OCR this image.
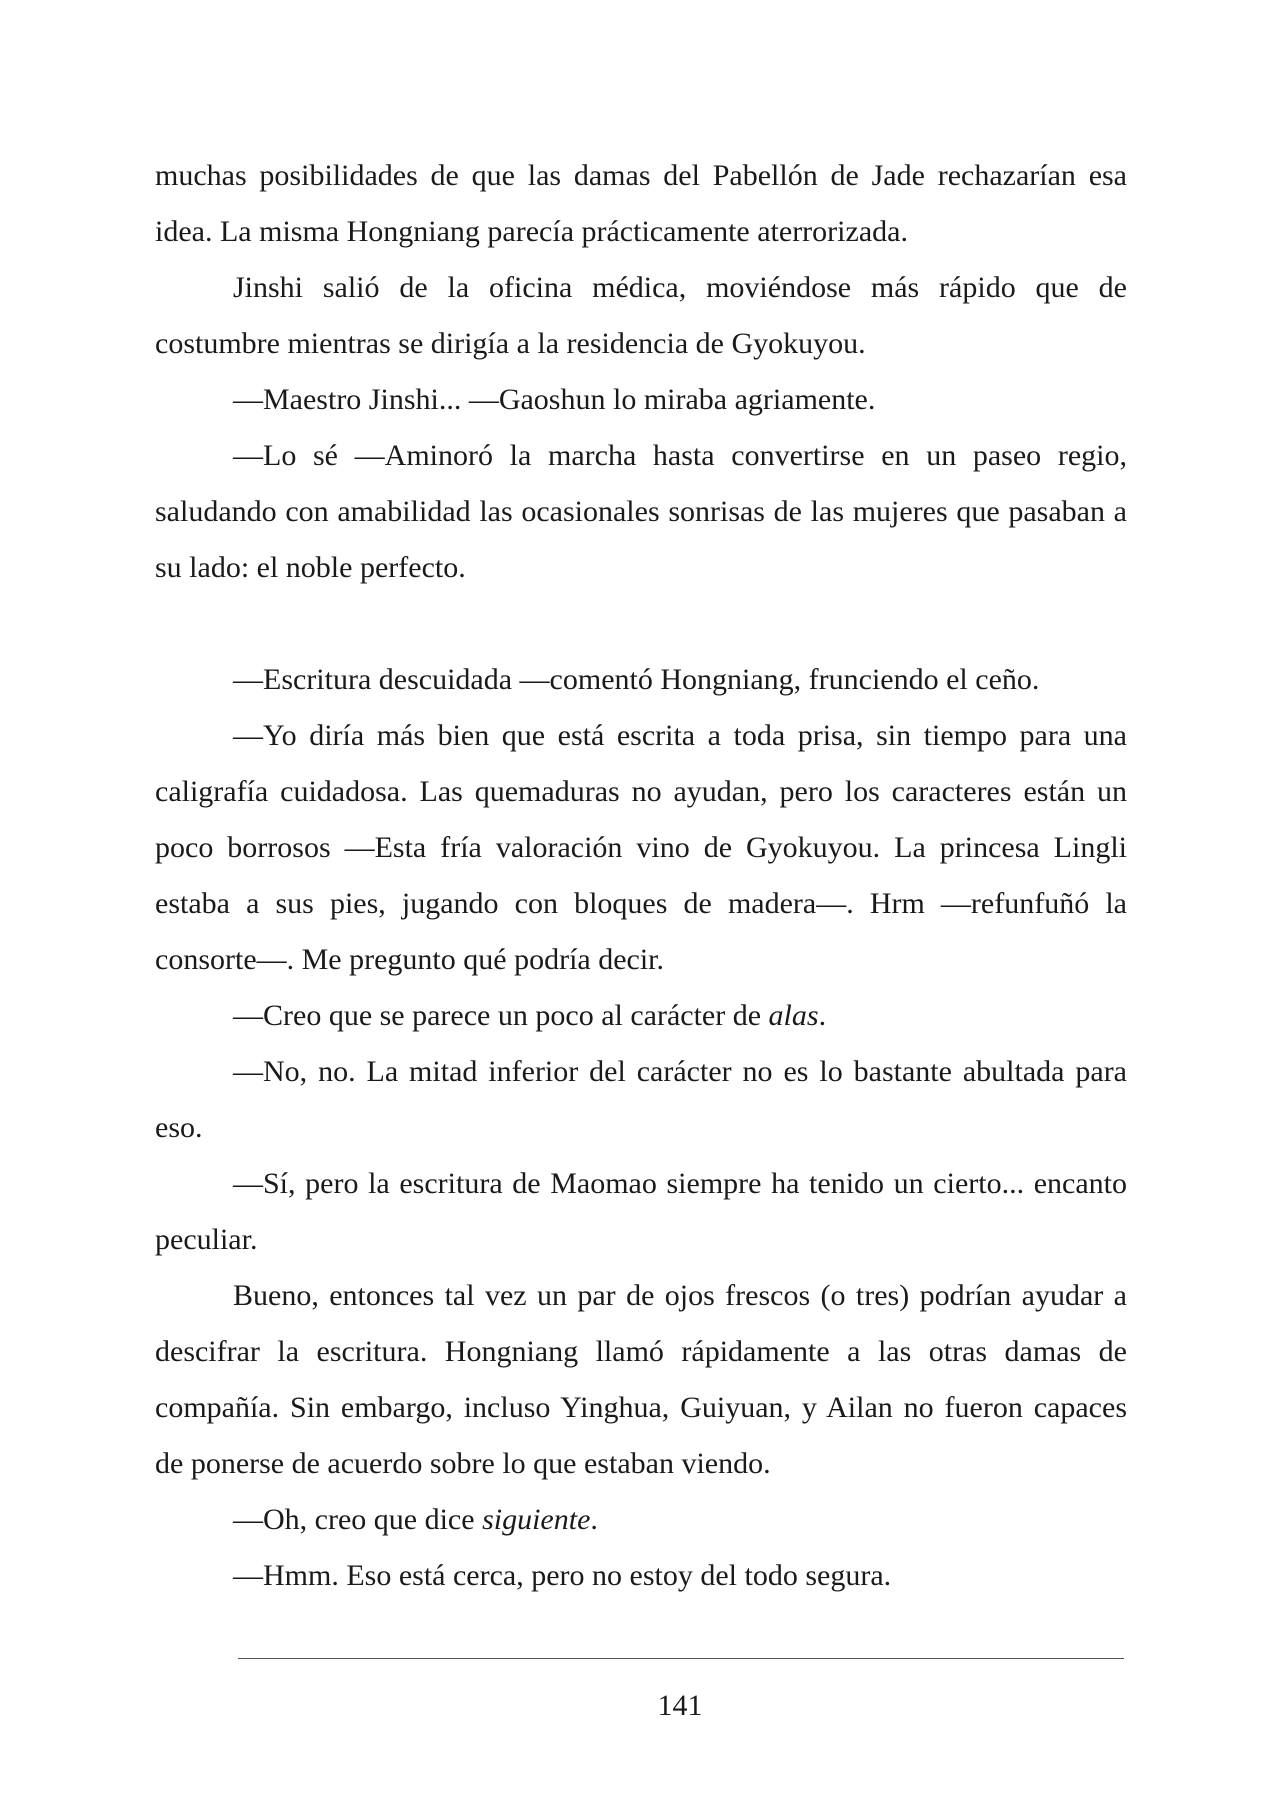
muchas posibilidades de que las damas del Pabellón de Jade rechazarían esa idea. La misma Hongniang parecía prácticamente aterrorizada.

Jinshi salió de la oficina médica, moviéndose más rápido que de costumbre mientras se dirigía a la residencia de Gyokuyou.

—Maestro Jinshi... —Gaoshun lo miraba agriamente.

—Lo sé —Aminoró la marcha hasta convertirse en un paseo regio, saludando con amabilidad las ocasionales sonrisas de las mujeres que pasaban a su lado: el noble perfecto.

—Escritura descuidada —comentó Hongniang, frunciendo el ceño.

—Yo diría más bien que está escrita a toda prisa, sin tiempo para una caligrafía cuidadosa. Las quemaduras no ayudan, pero los caracteres están un poco borrosos —Esta fría valoración vino de Gyokuyou. La princesa Lingli estaba a sus pies, jugando con bloques de madera—. Hrm —refunfuñó la consorte—. Me pregunto qué podría decir.

—Creo que se parece un poco al carácter de alas.

—No, no. La mitad inferior del carácter no es lo bastante abultada para eso.

—Sí, pero la escritura de Maomao siempre ha tenido un cierto... encanto peculiar.

Bueno, entonces tal vez un par de ojos frescos (o tres) podrían ayudar a descifrar la escritura. Hongniang llamó rápidamente a las otras damas de compañía. Sin embargo, incluso Yinghua, Guiyuan, y Ailan no fueron capaces de ponerse de acuerdo sobre lo que estaban viendo.

—Oh, creo que dice siguiente.

—Hmm. Eso está cerca, pero no estoy del todo segura.

141
